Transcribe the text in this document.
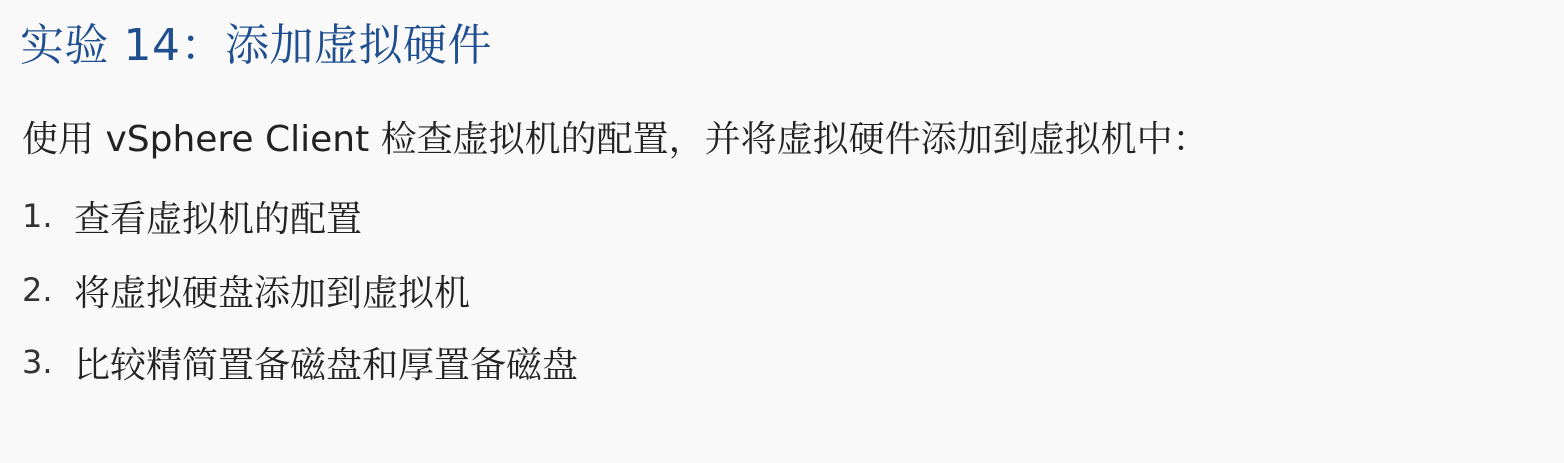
实验 14：添加虚拟硬件
使用 vSphere Client 检查虚拟机的配置，并将虚拟硬件添加到虚拟机中：
1. 查看虚拟机的配置
2. 将虚拟硬盘添加到虚拟机
3. 比较精简置备磁盘和厚置备磁盘
